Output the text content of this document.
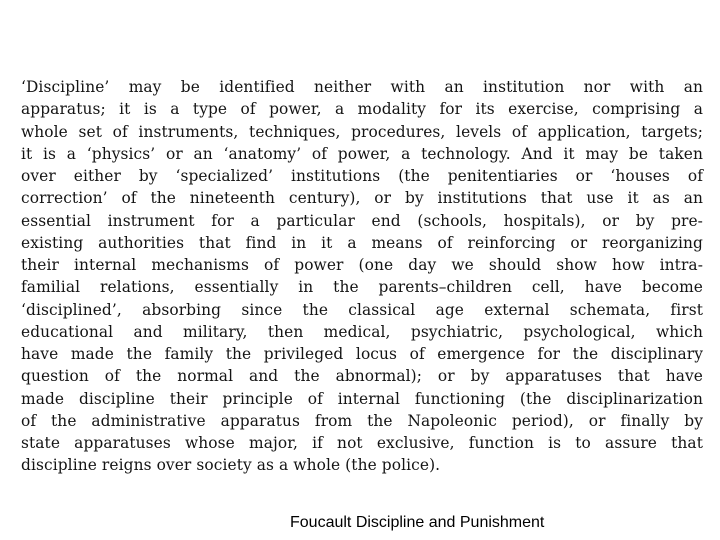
‘Discipline’ may be identified neither with an institution nor with an
apparatus; it is a type of power, a modality for its exercise, comprising a
whole set of instruments, techniques, procedures, levels of application, targets;
it is a ‘physics’ or an ‘anatomy’ of power, a technology. And it may be taken
over either by ‘specialized’ institutions (the penitentiaries or ‘houses of
correction’ of the nineteenth century), or by institutions that use it as an
essential instrument for a particular end (schools, hospitals), or by pre-
existing authorities that find in it a means of reinforcing or reorganizing
their internal mechanisms of power (one day we should show how intra-
familial relations, essentially in the parents–children cell, have become
‘disciplined’, absorbing since the classical age external schemata, first
educational and military, then medical, psychiatric, psychological, which
have made the family the privileged locus of emergence for the disciplinary
question of the normal and the abnormal); or by apparatuses that have
made discipline their principle of internal functioning (the disciplinarization
of the administrative apparatus from the Napoleonic period), or finally by
state apparatuses whose major, if not exclusive, function is to assure that
discipline reigns over society as a whole (the police).
Foucault Discipline and Punishment
